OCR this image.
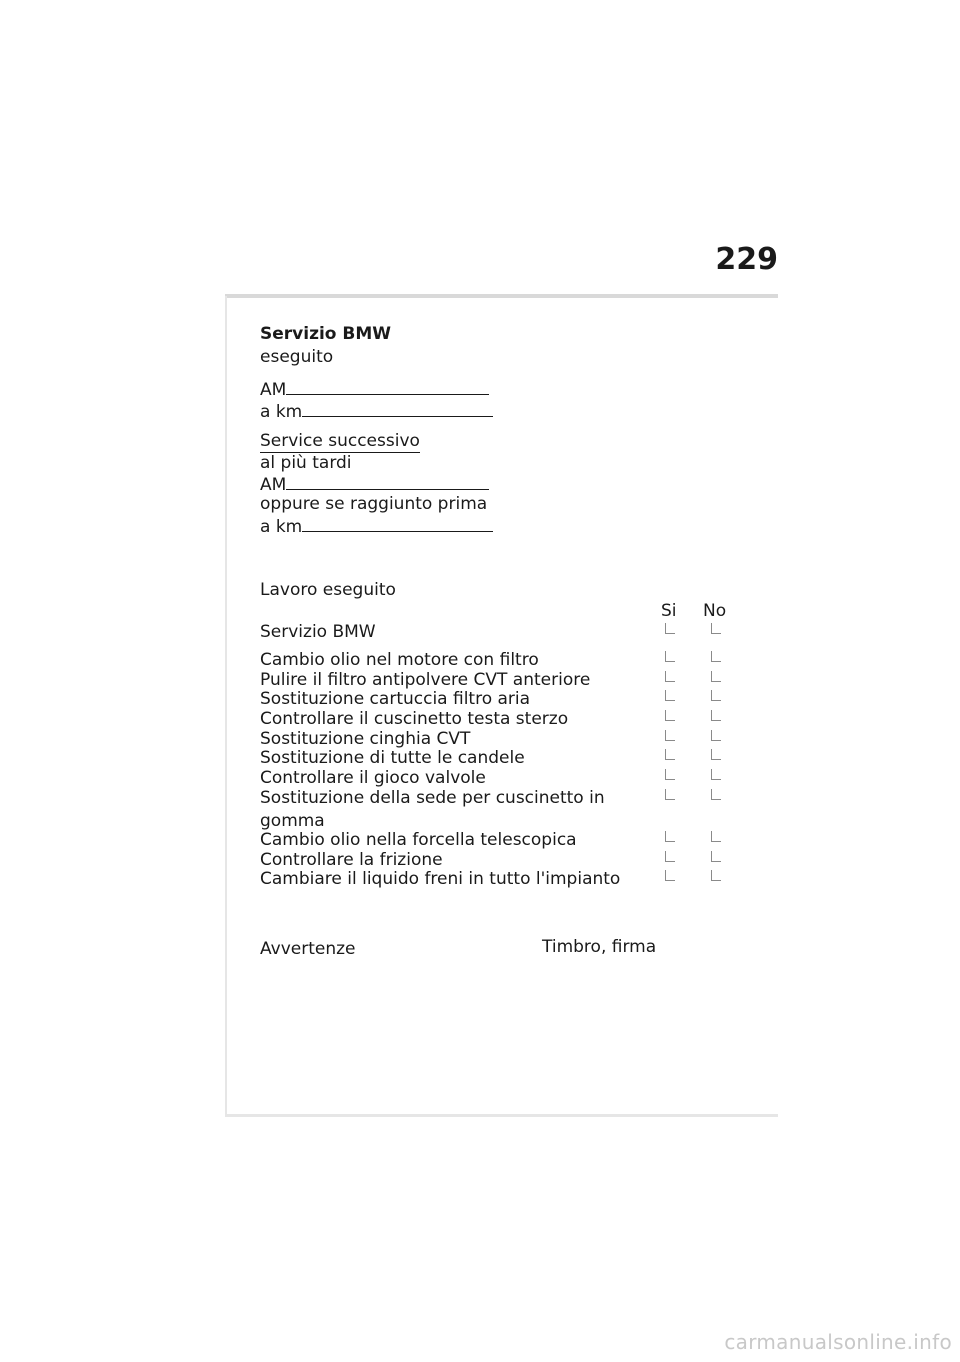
229
Servizio BMW
eseguito
AM
a km
Service successivo
al più tardi
AM
oppure se raggiunto prima
a km
Lavoro eseguito
Si No
Servizio BMW
Cambio olio nel motore con filtro
Pulire il filtro antipolvere CVT anteriore
Sostituzione cartuccia filtro aria
Controllare il cuscinetto testa sterzo
Sostituzione cinghia CVT
Sostituzione di tutte le candele
Controllare il gioco valvole
Sostituzione della sede per cuscinetto in
gomma
Cambio olio nella forcella telescopica
Controllare la frizione
Cambiare il liquido freni in tutto l'impianto
Avvertenze	Timbro, firma
carmanualsonline.info
